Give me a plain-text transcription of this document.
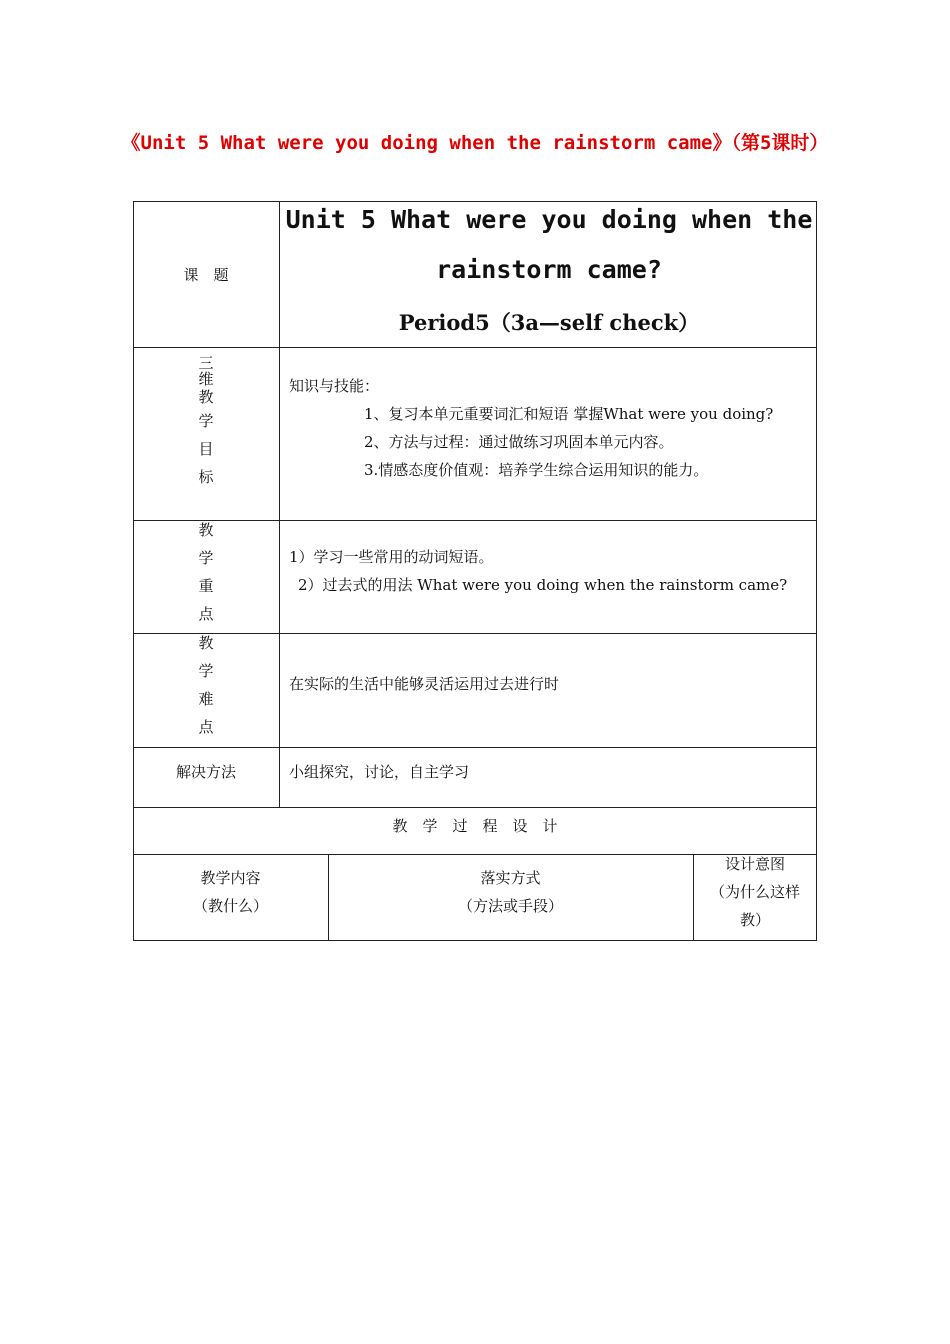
《Unit 5 What were you doing when the rainstorm came》（第5课时）
课　题
Unit 5 What were you doing when the
rainstorm came?
Period5（3a—self check）
三
维
教
学
目
标
知识与技能：
1、复习本单元重要词汇和短语 掌握What were you doing?
2、方法与过程：通过做练习巩固本单元内容。
3.情感态度价值观：培养学生综合运用知识的能力。
教
学
重
点
1）学习一些常用的动词短语。
2）过去式的用法 What were you doing when the rainstorm came?
教
学
难
点
在实际的生活中能够灵活运用过去进行时
解决方法	小组探究，讨论，自主学习
教　学　过　程　设　计
教学内容
（教什么）
落实方式
（方法或手段）
设计意图
（为什么这样
教）
